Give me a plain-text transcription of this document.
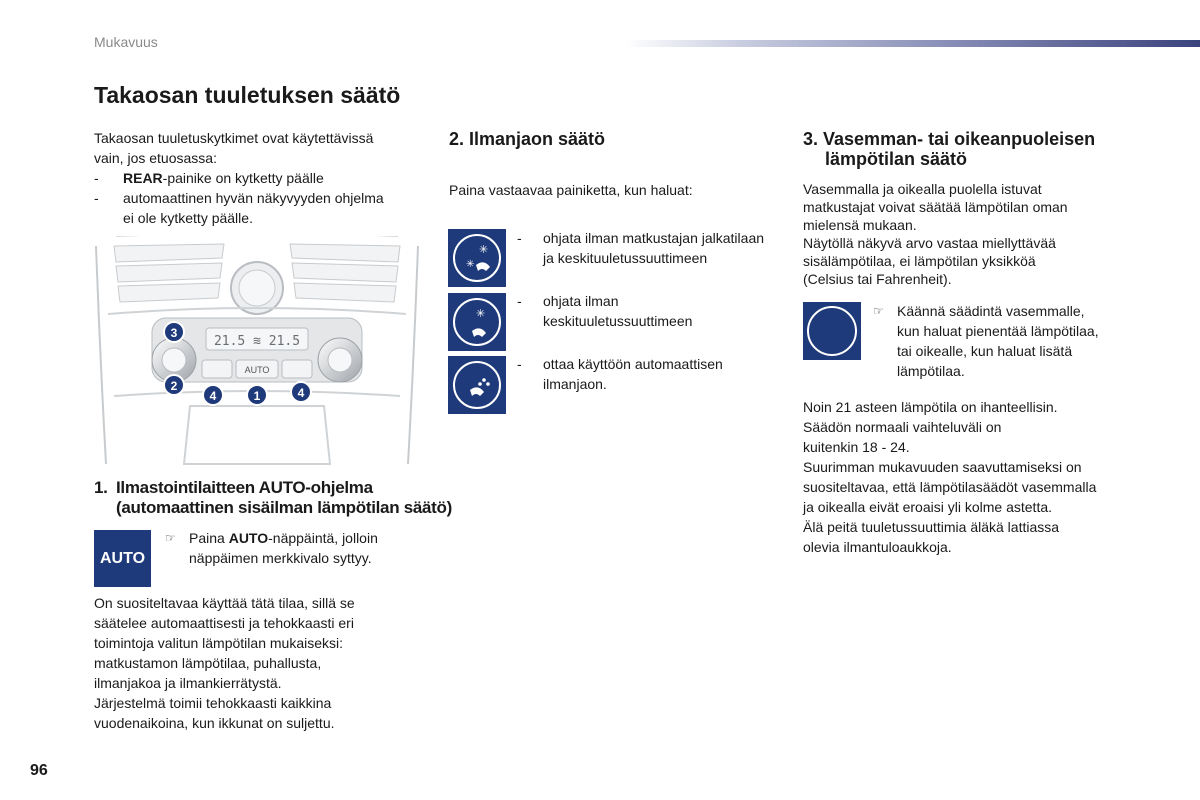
Mukavuus
Takaosan tuuletuksen säätö
Takaosan tuuletuskytkimet ovat käytettävissä
vain, jos etuosassa:
- REAR-painike on kytketty päälle
- automaattinen hyvän näkyvyyden ohjelma
ei ole kytketty päälle.
21.5 ≋ 21.5
AUTO
3
2
4	1	4
1. Ilmastointilaitteen AUTO-ohjelma
(automaattinen sisäilman lämpötilan säätö)
AUTO
☞ Paina AUTO-näppäintä, jolloin
näppäimen merkkivalo syttyy.
On suositeltavaa käyttää tätä tilaa, sillä se
säätelee automaattisesti ja tehokkaasti eri
toimintoja valitun lämpötilan mukaiseksi:
matkustamon lämpötilaa, puhallusta,
ilmanjakoa ja ilmankierrätystä.
Järjestelmä toimii tehokkaasti kaikkina
vuodenaikoina, kun ikkunat on suljettu.
2. Ilmanjaon säätö
Paina vastaavaa painiketta, kun haluat:
✳
✳
✳
- ohjata ilman matkustajan jalkatilaan
ja keskituuletussuuttimeen
- ohjata ilman
keskituuletussuuttimeen
- ottaa käyttöön automaattisen
ilmanjaon.
3. Vasemman- tai oikeanpuoleisen
lämpötilan säätö
Vasemmalla ja oikealla puolella istuvat
matkustajat voivat säätää lämpötilan oman
mielensä mukaan.
Näytöllä näkyvä arvo vastaa miellyttävää
sisälämpötilaa, ei lämpötilan yksikköä
(Celsius tai Fahrenheit).
☞ Käännä säädintä vasemmalle,
kun haluat pienentää lämpötilaa,
tai oikealle, kun haluat lisätä
lämpötilaa.
Noin 21 asteen lämpötila on ihanteellisin.
Säädön normaali vaihteluväli on
kuitenkin 18 - 24.
Suurimman mukavuuden saavuttamiseksi on
suositeltavaa, että lämpötilasäädöt vasemmalla
ja oikealla eivät eroaisi yli kolme astetta.
Älä peitä tuuletussuuttimia äläkä lattiassa
olevia ilmantuloaukkoja.
96
